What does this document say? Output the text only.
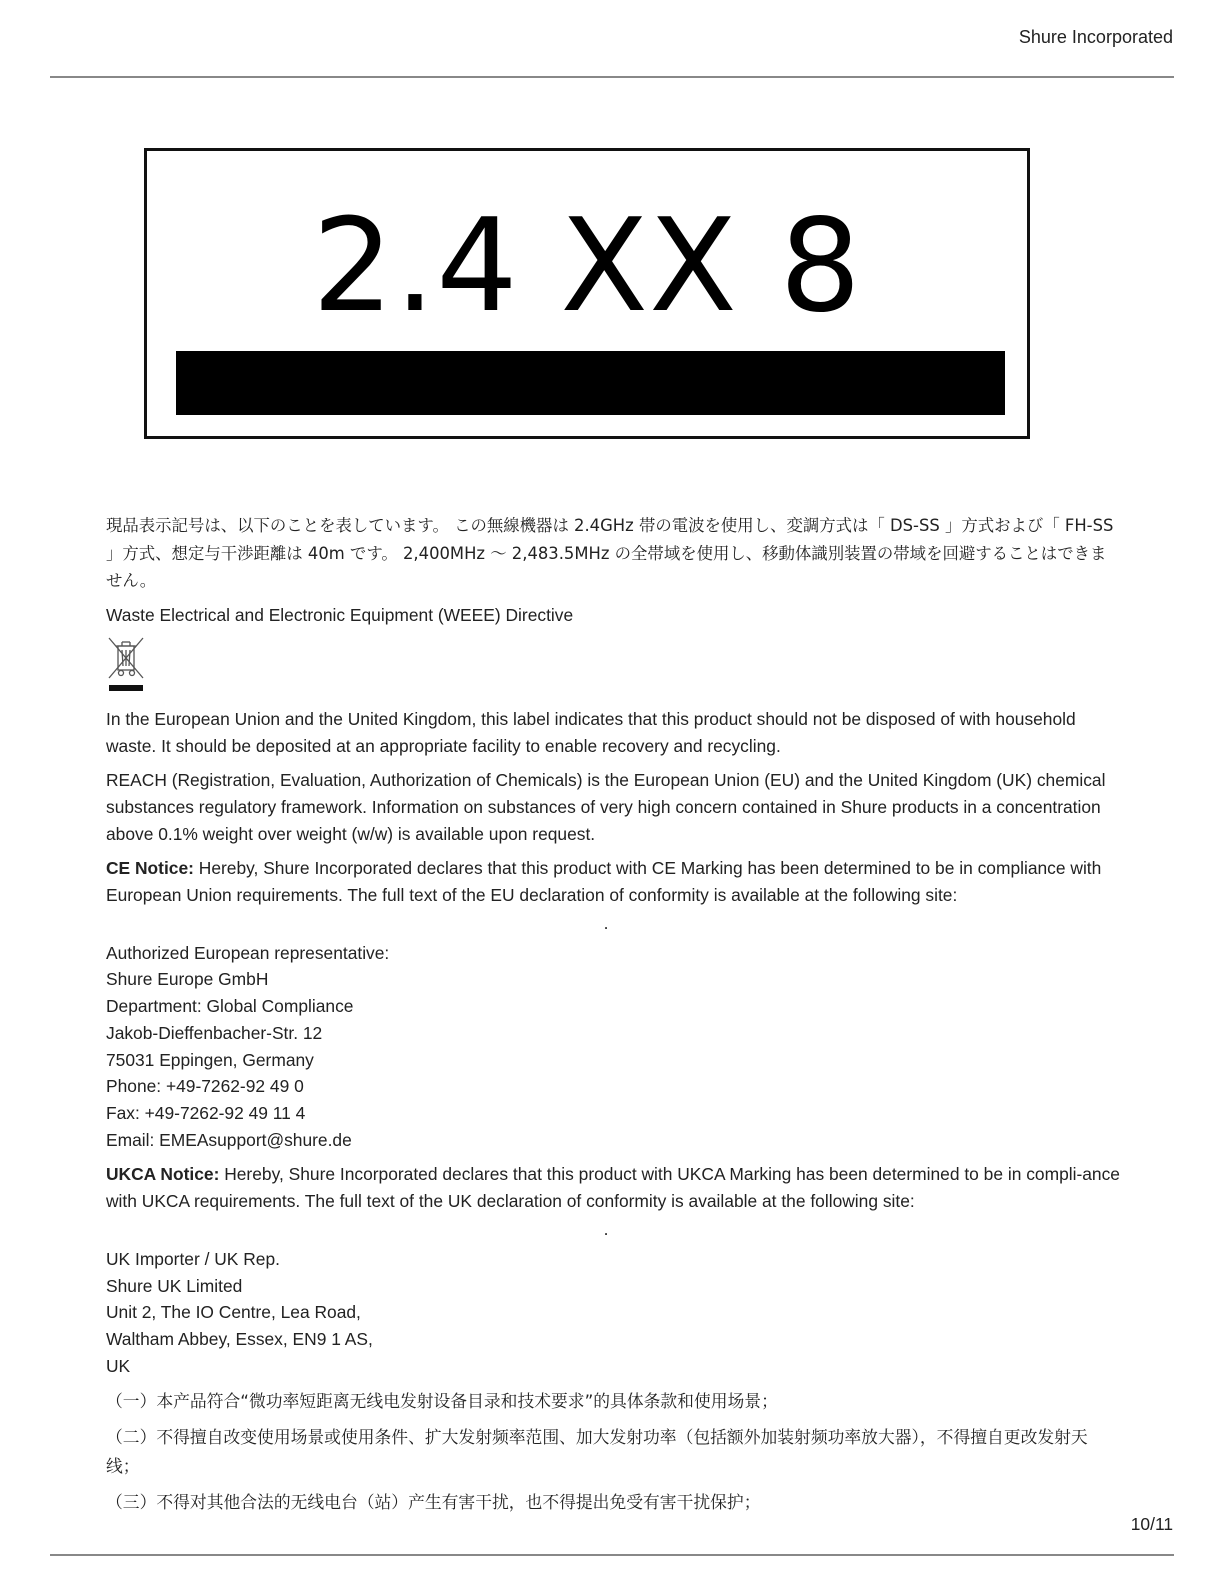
Shure Incorporated
2.4 XX 8

現品表示記号は、以下のことを表しています。 この無線機器は 2.4GHz 帯の電波を使用し、変調方式は「 DS-SS 」方式および「 FH-SS 」方式、想定与干渉距離は 40m です。 2,400MHz ～ 2,483.5MHz の全帯域を使用し、移動体識別装置の帯域を回避することはできません。

Waste Electrical and Electronic Equipment (WEEE) Directive

In the European Union and the United Kingdom, this label indicates that this product should not be disposed of with household waste. It should be deposited at an appropriate facility to enable recovery and recycling.

REACH (Registration, Evaluation, Authorization of Chemicals) is the European Union (EU) and the United Kingdom (UK) chemical substances regulatory framework. Information on substances of very high concern contained in Shure products in a concentration above 0.1% weight over weight (w/w) is available upon request.

CE Notice: Hereby, Shure Incorporated declares that this product with CE Marking has been determined to be in compliance with European Union requirements. The full text of the EU declaration of conformity is available at the following site:

.

Authorized European representative:
Shure Europe GmbH
Department: Global Compliance
Jakob-Dieffenbacher-Str. 12
75031 Eppingen, Germany
Phone: +49-7262-92 49 0
Fax: +49-7262-92 49 11 4
Email: EMEAsupport@shure.de

UKCA Notice: Hereby, Shure Incorporated declares that this product with UKCA Marking has been determined to be in compli-ance with UKCA requirements. The full text of the UK declaration of conformity is available at the following site:

.

UK Importer / UK Rep.
Shure UK Limited
Unit 2, The IO Centre, Lea Road,
Waltham Abbey, Essex, EN9 1 AS,
UK

（一）本产品符合“微功率短距离无线电发射设备目录和技术要求”的具体条款和使用场景；

（二）不得擅自改变使用场景或使用条件、扩大发射频率范围、加大发射功率（包括额外加装射频功率放大器），不得擅自更改发射天线；

（三）不得对其他合法的无线电台（站）产生有害干扰，也不得提出免受有害干扰保护；

10/11
